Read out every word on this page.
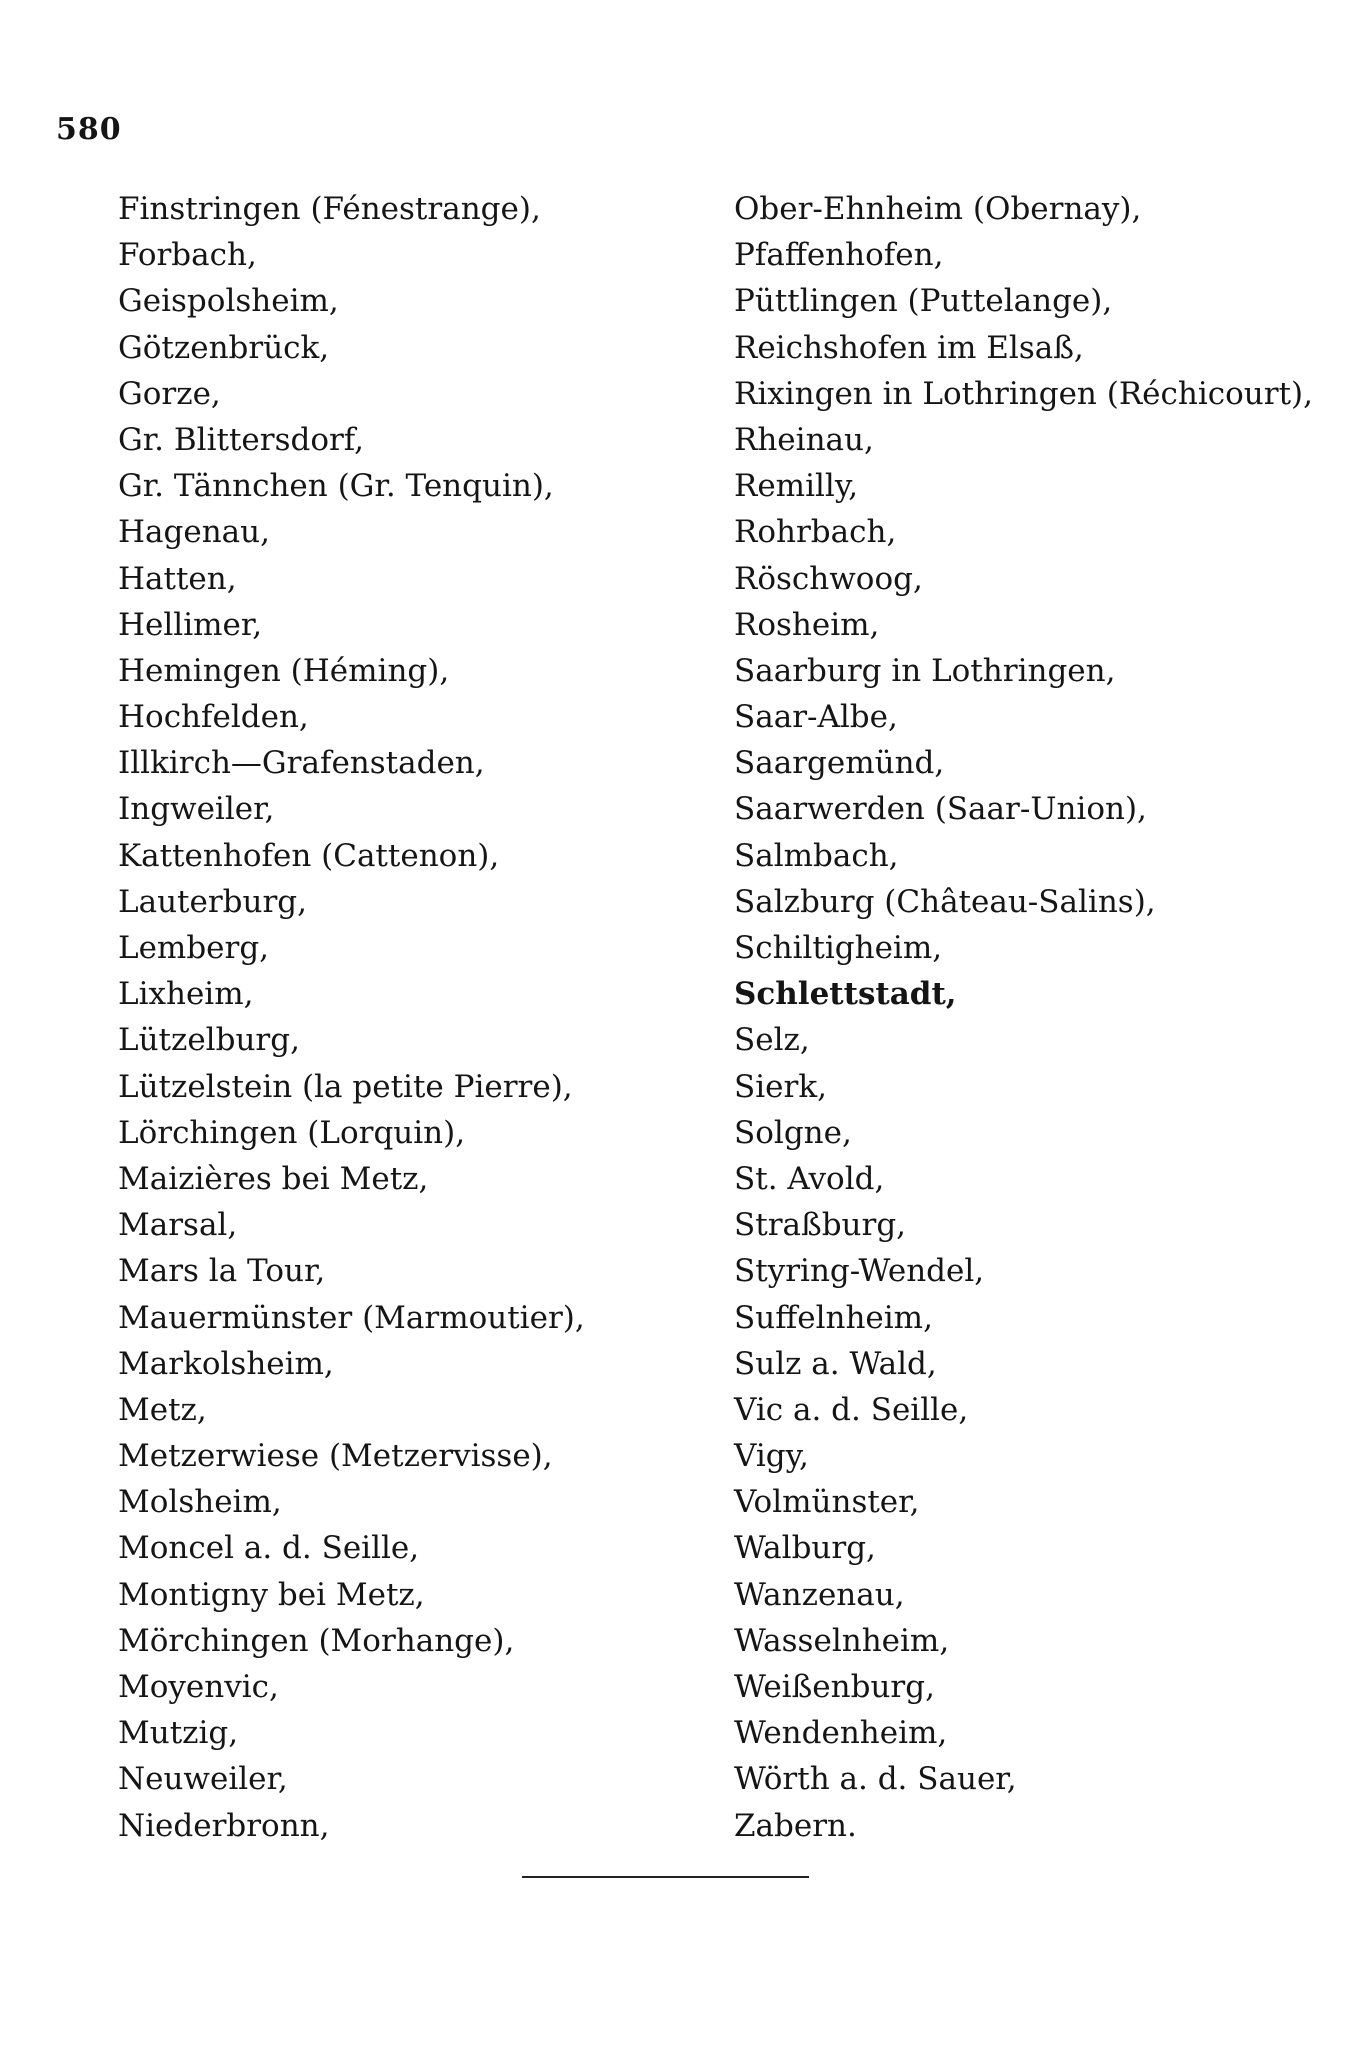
580
Finstringen (Fénestrange),
Forbach,
Geispolsheim,
Götzenbrück,
Gorze,
Gr. Blittersdorf,
Gr. Tännchen (Gr. Tenquin),
Hagenau,
Hatten,
Hellimer,
Hemingen (Héming),
Hochfelden,
Illkirch—Grafenstaden,
Ingweiler,
Kattenhofen (Cattenon),
Lauterburg,
Lemberg,
Lixheim,
Lützelburg,
Lützelstein (la petite Pierre),
Lörchingen (Lorquin),
Maizières bei Metz,
Marsal,
Mars la Tour,
Mauermünster (Marmoutier),
Markolsheim,
Metz,
Metzerwiese (Metzervisse),
Molsheim,
Moncel a. d. Seille,
Montigny bei Metz,
Mörchingen (Morhange),
Moyenvic,
Mutzig,
Neuweiler,
Niederbronn,
Ober-Ehnheim (Obernay),
Pfaffenhofen,
Püttlingen (Puttelange),
Reichshofen im Elsaß,
Rixingen in Lothringen (Réchicourt),
Rheinau,
Remilly,
Rohrbach,
Röschwoog,
Rosheim,
Saarburg in Lothringen,
Saar-Albe,
Saargemünd,
Saarwerden (Saar-Union),
Salmbach,
Salzburg (Château-Salins),
Schiltigheim,
Schlettstadt,
Selz,
Sierk,
Solgne,
St. Avold,
Straßburg,
Styring-Wendel,
Suffelnheim,
Sulz a. Wald,
Vic a. d. Seille,
Vigy,
Volmünster,
Walburg,
Wanzenau,
Wasselnheim,
Weißenburg,
Wendenheim,
Wörth a. d. Sauer,
Zabern.
